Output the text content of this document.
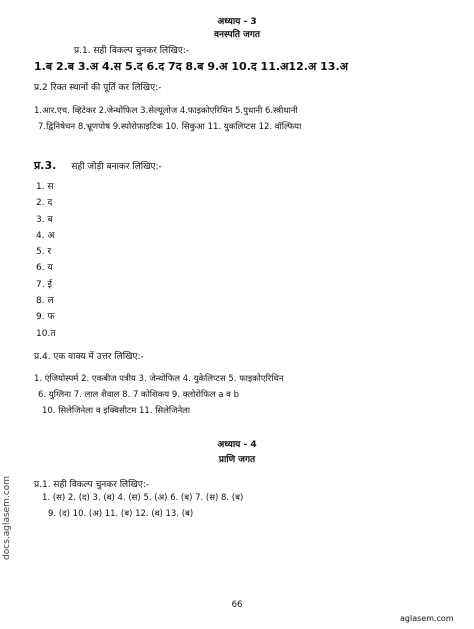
अध्याय - 3
वनस्पति जगत
प्र.1. सही विकल्प चुनकर लिखिए:-
1.ब 2.ब 3.अ 4.स 5.द 6.द 7द 8.ब 9.अ 10.द 11.अ12.अ 13.अ
प्र.2 रिक्त स्थानों की पूर्ति कर लिखिए:-
1.आर.एच. व्हिटेकर 2.जेन्थोफिल 3.सेल्यूलोज 4.फाइकोएरिथिन 5.पुधानी 6.स्त्रीधानी
7.द्विनिषेचन 8.भ्रूणपोष 9.स्पोरोफाइटिक 10. सिकुआ 11. युकलिप्टस 12. वॉल्फिया
प्र.3. सही जोड़ी बनाकर लिखिए:-
1. स
2. द
3. ब
4. अ
5. र
6. य
7. ई
8. ल
9. फ
10.त
प्र.4. एक वाक्य में उत्तर लिखिए:-
1. एंजियोस्पर्म 2. एकबीज पत्रीय 3. जेन्थोफिल 4. युकेलिप्टस 5. फाइकोएरिथिन
6. युग्लिना 7. लाल शैवाल 8. 7 कोशिकय 9. क्लोरोफिल a व b
10. सिलेजिनेला व इक्विसीटम 11. सिलेजिनेला
अध्याय - 4
प्राणि जगत
प्र.1. सही विकल्प चुनकर लिखिए:-
1. (स) 2. (द) 3. (ब) 4. (स) 5. (अ) 6. (ब) 7. (स) 8. (ब)
9. (द) 10. (अ) 11. (ब) 12. (ब) 13. (ब)
66
aglasem.com
docs.aglasem.com
